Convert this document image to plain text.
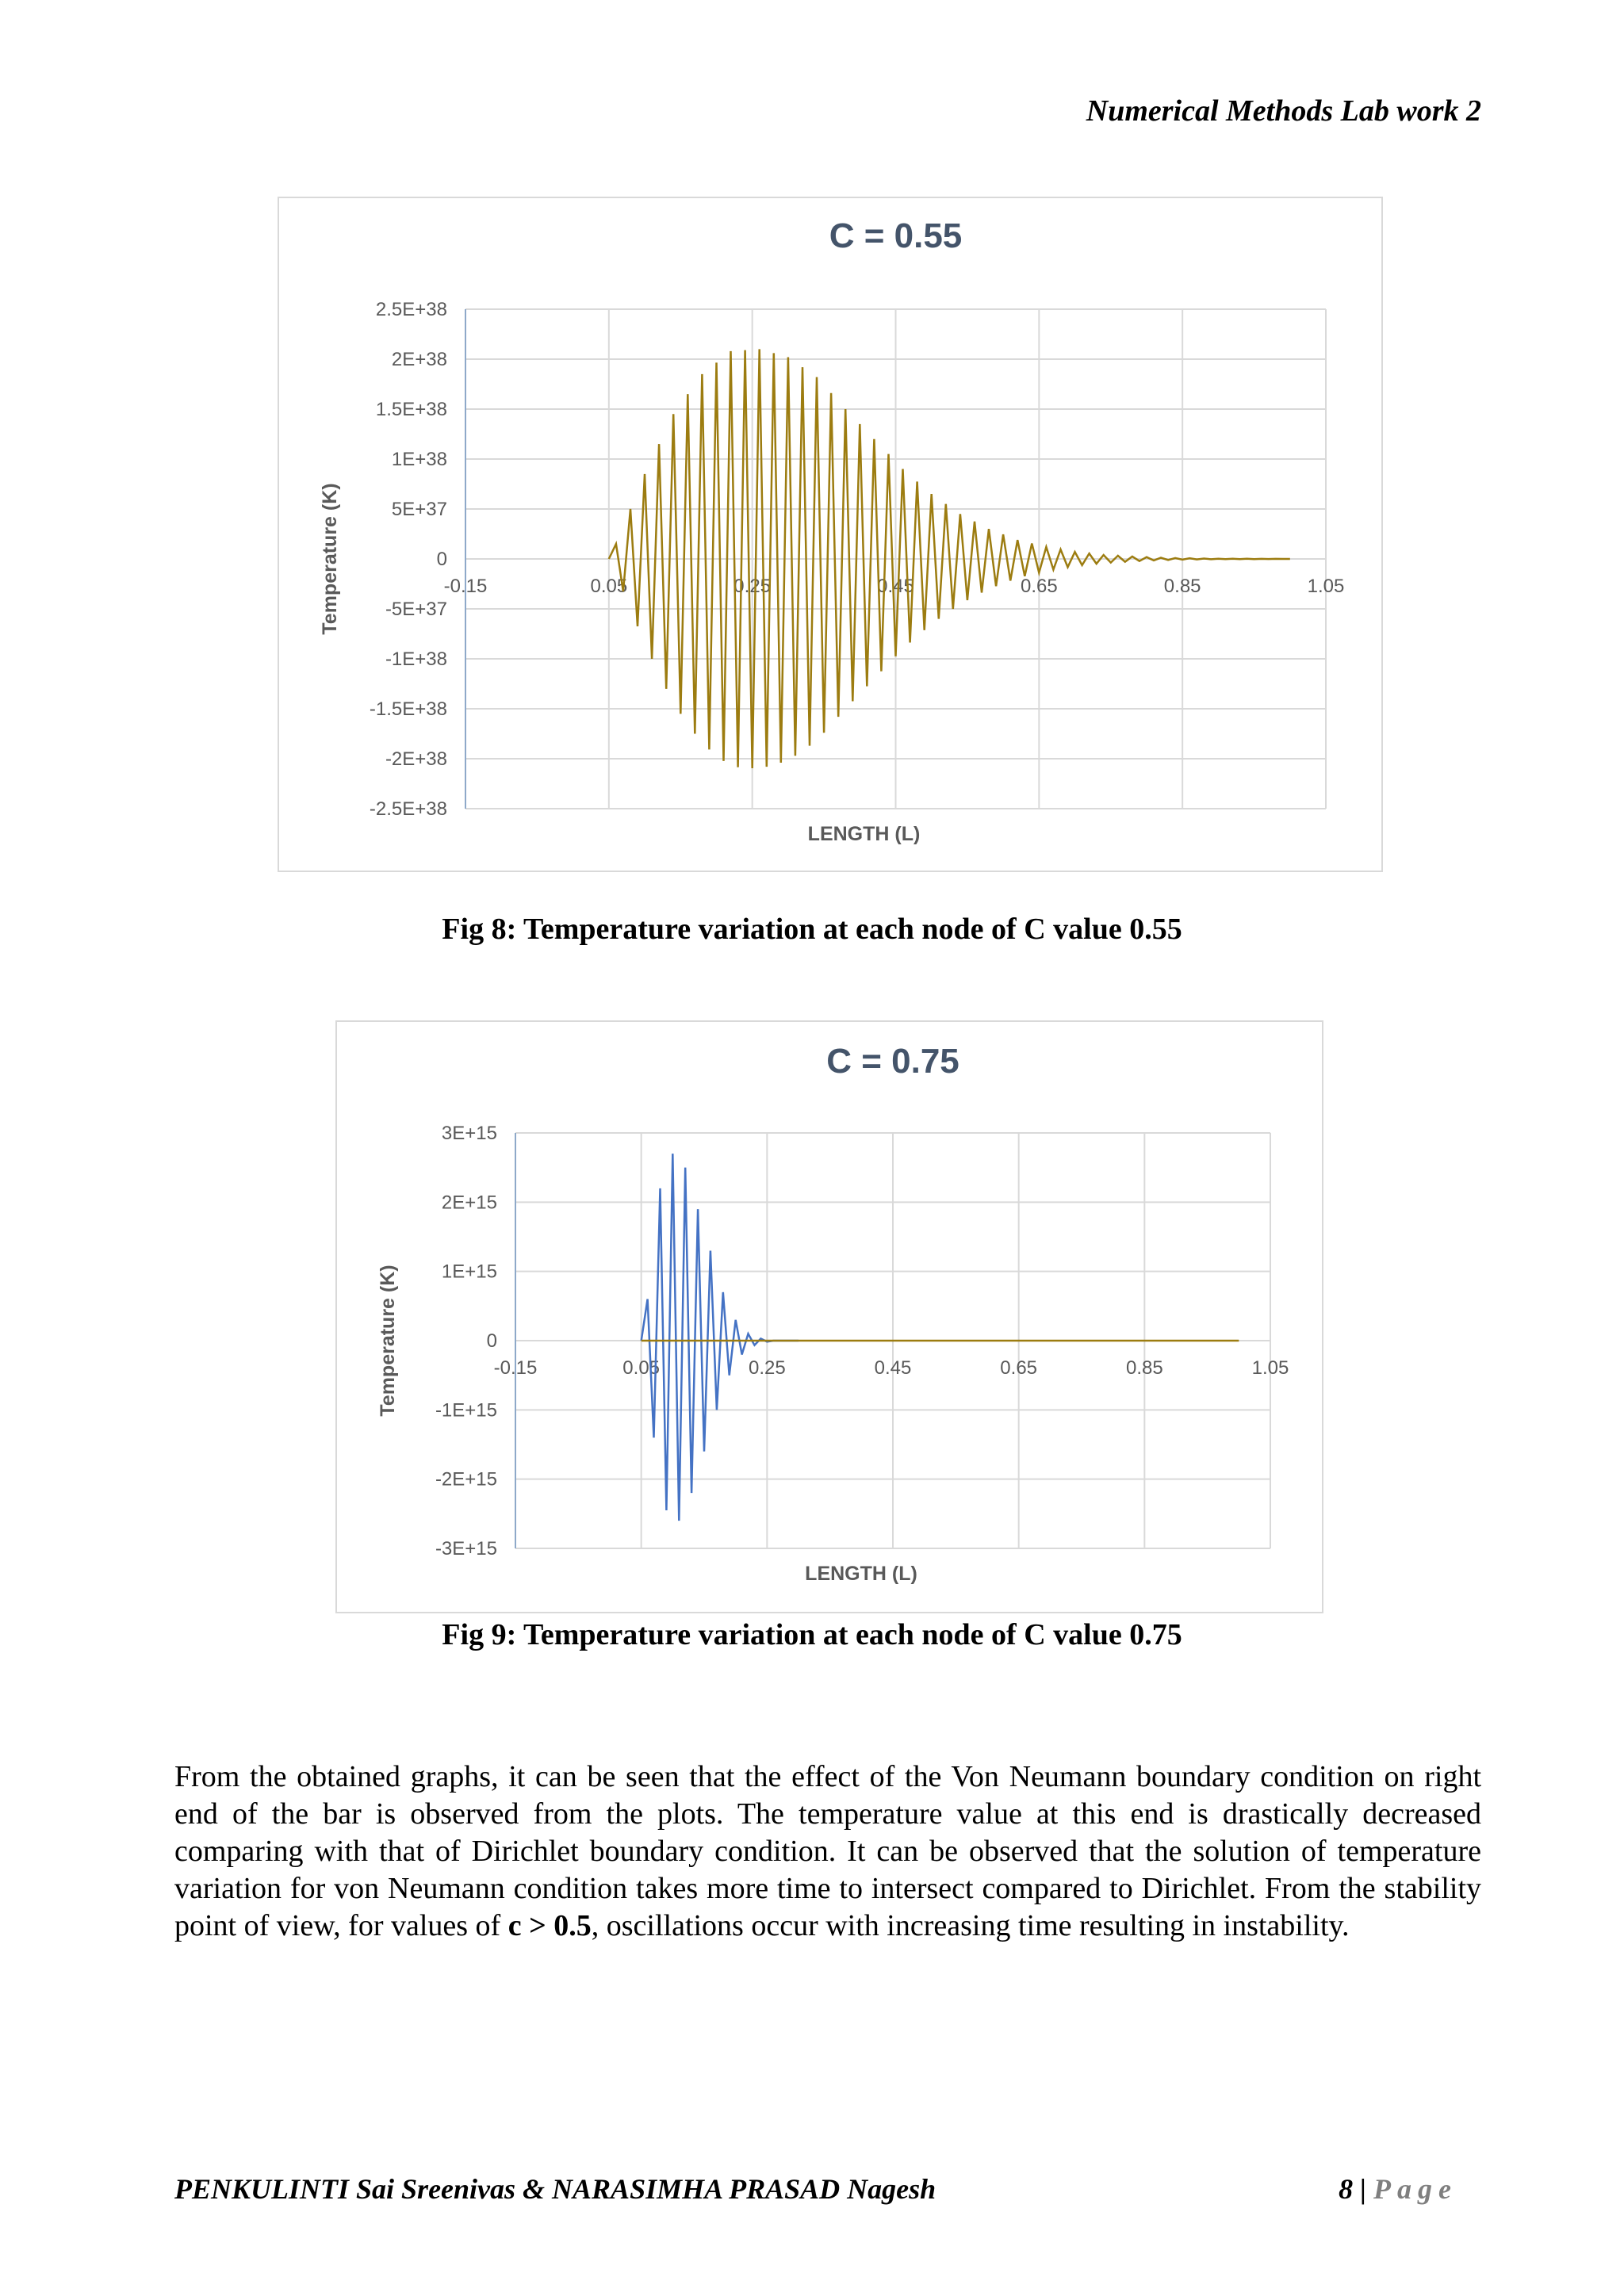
Numerical Methods Lab work 2
C = 0.55
2.5E+38
2E+38
1.5E+38
1E+38
5E+37
0
-5E+37
-1E+38
-1.5E+38
-2E+38
-2.5E+38
-0.15	0.05	0.25	0.45	0.65	0.85	1.05
LENGTH (L)
Temperature (K)
Fig 8: Temperature variation at each node of C value 0.55
C = 0.75
3E+15
2E+15
1E+15
0
-1E+15
-2E+15
-3E+15
-0.15	0.05	0.25	0.45	0.65	0.85	1.05
LENGTH (L)
Temperature (K)
Fig 9: Temperature variation at each node of C value 0.75

From the obtained graphs, it can be seen that the effect of the Von Neumann boundary condition on right end of the bar is observed from the plots. The temperature value at this end is drastically decreased comparing with that of Dirichlet boundary condition. It can be observed that the solution of temperature variation for von Neumann condition takes more time to intersect compared to Dirichlet. From the stability point of view, for values of c > 0.5, oscillations occur with increasing time resulting in instability.

PENKULINTI Sai Sreenivas & NARASIMHA PRASAD Nagesh	8 | Page
